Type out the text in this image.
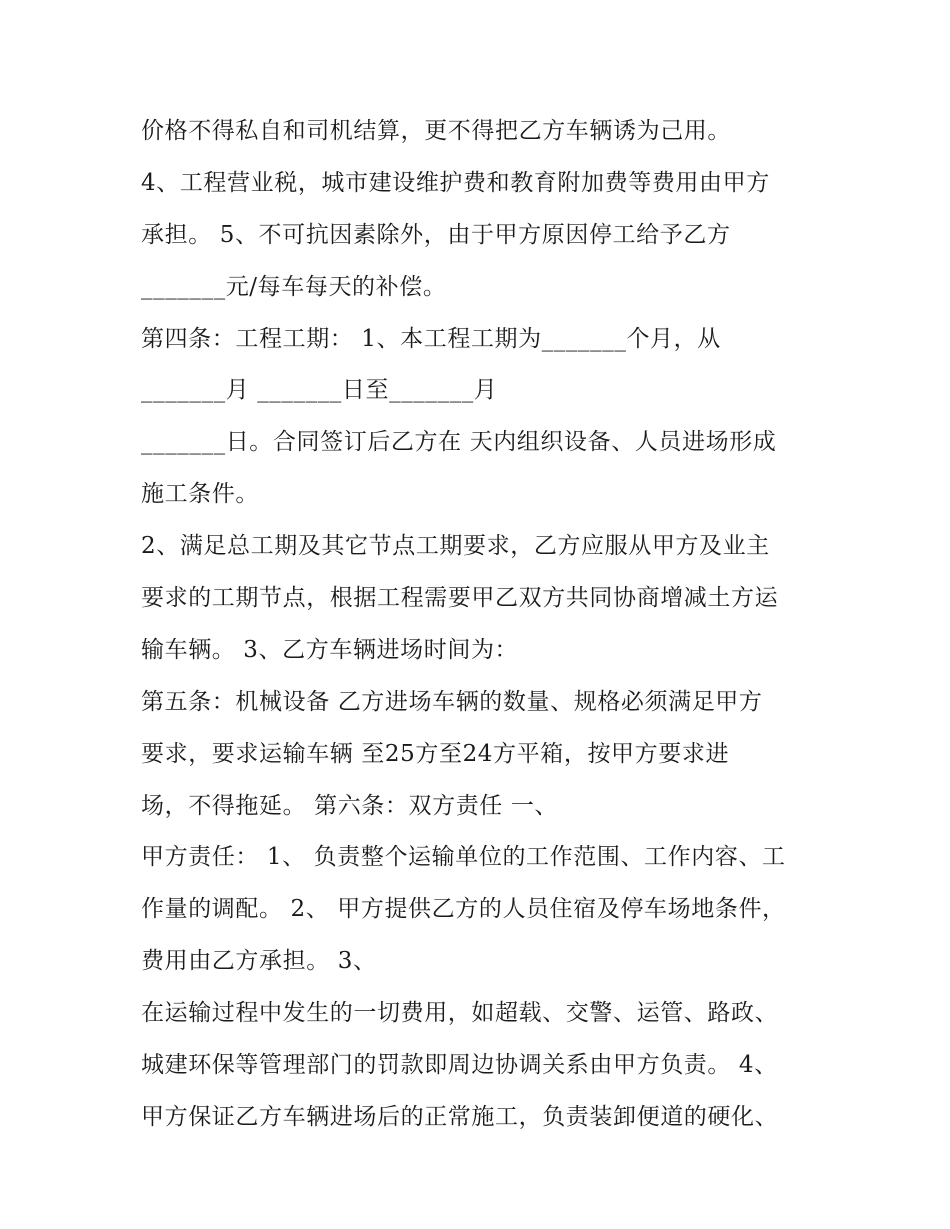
价格不得私自和司机结算，更不得把乙方车辆诱为己用。
4、工程营业税，城市建设维护费和教育附加费等费用由甲方
承担。 5、不可抗因素除外，由于甲方原因停工给予乙方
_______元/每车每天的补偿。
第四条：工程工期： 1、本工程工期为_______个月，从
_______月 _______日至_______月
_______日。合同签订后乙方在 天内组织设备、人员进场形成
施工条件。
2、满足总工期及其它节点工期要求，乙方应服从甲方及业主
要求的工期节点，根据工程需要甲乙双方共同协商增减土方运
输车辆。 3、乙方车辆进场时间为：
第五条：机械设备 乙方进场车辆的数量、规格必须满足甲方
要求，要求运输车辆 至25方至24方平箱，按甲方要求进
场，不得拖延。 第六条：双方责任 一、
甲方责任： 1、 负责整个运输单位的工作范围、工作内容、工
作量的调配。 2、 甲方提供乙方的人员住宿及停车场地条件，
费用由乙方承担。 3、
在运输过程中发生的一切费用，如超载、交警、运管、路政、
城建环保等管理部门的罚款即周边协调关系由甲方负责。 4、
甲方保证乙方车辆进场后的正常施工，负责装卸便道的硬化、
